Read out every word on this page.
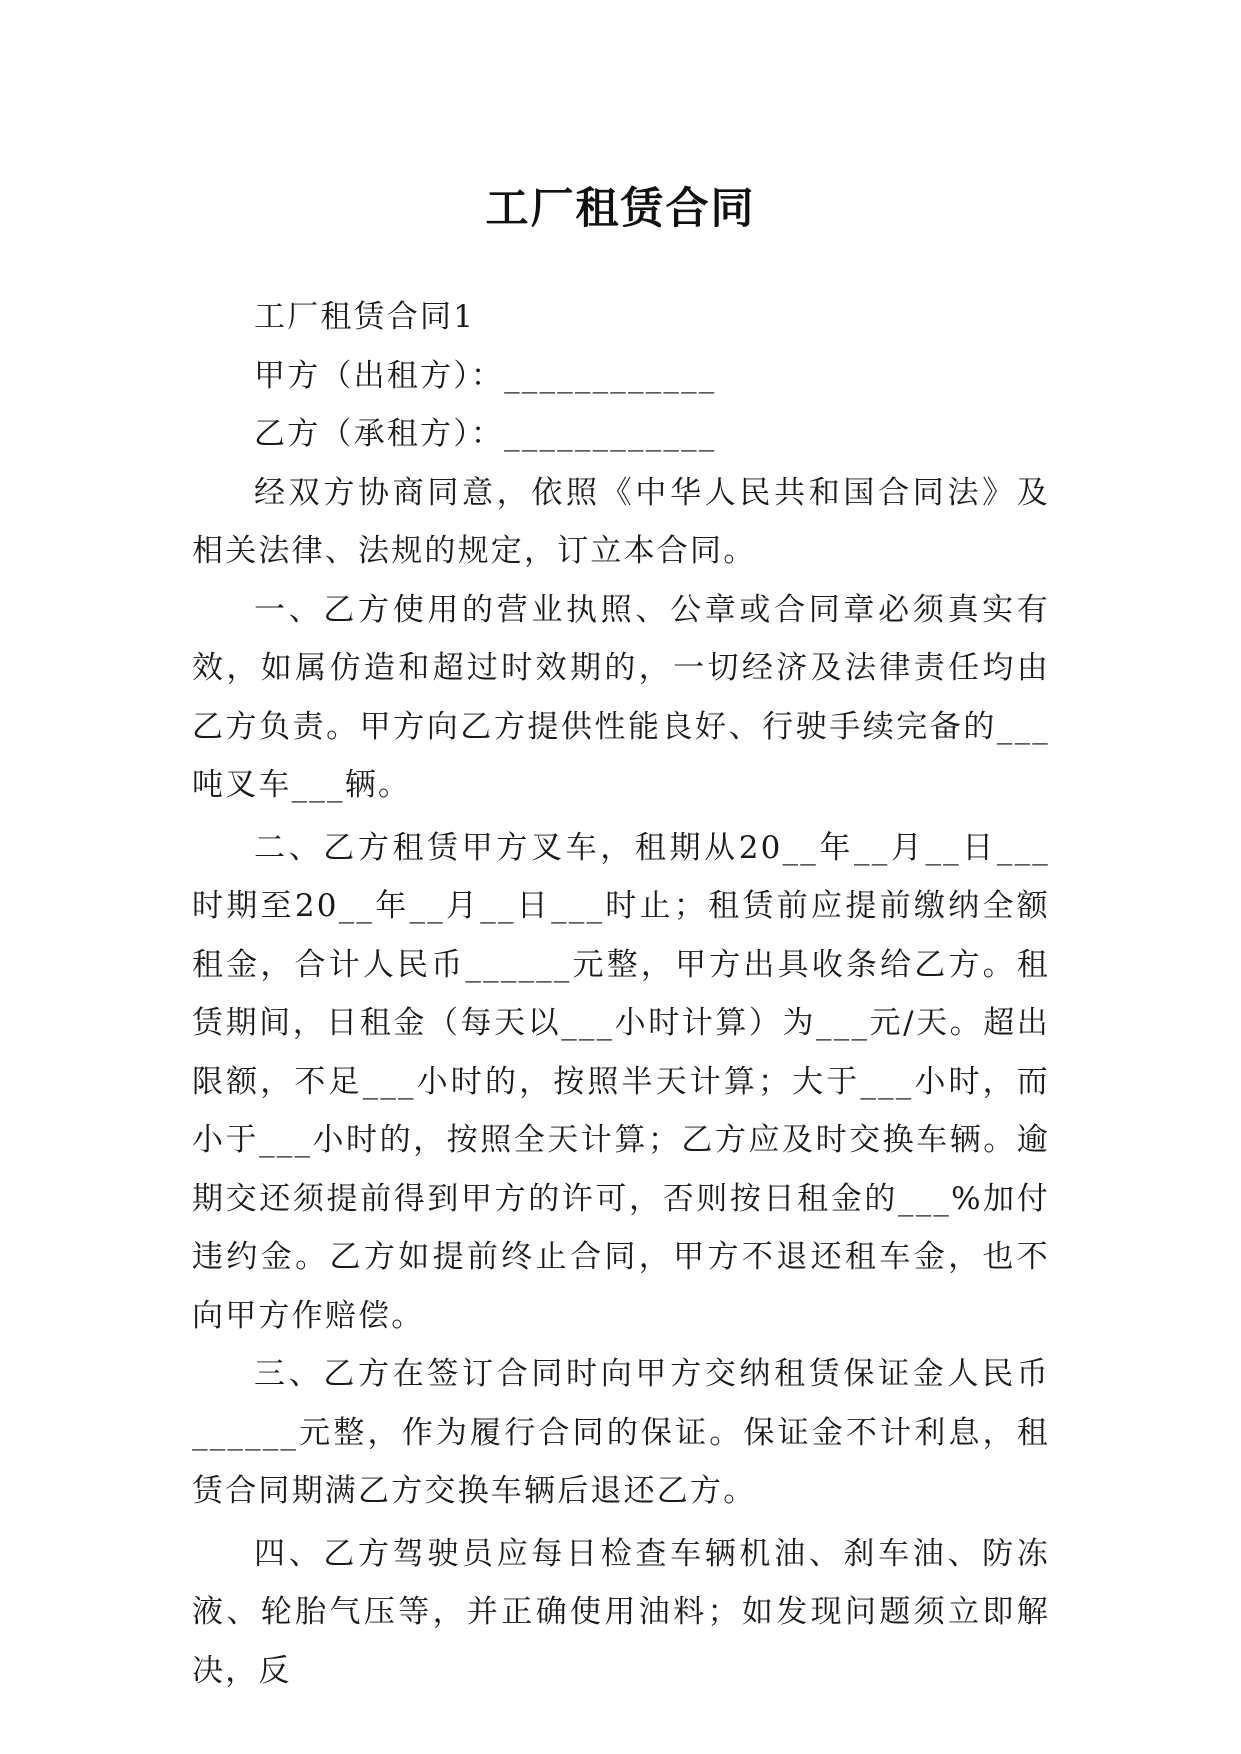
工厂租赁合同

工厂租赁合同1

甲方（出租方）：____________

乙方（承租方）：____________

经双方协商同意，依照《中华人民共和国合同法》及相关法律、法规的规定，订立本合同。

一、乙方使用的营业执照、公章或合同章必须真实有效，如属仿造和超过时效期的，一切经济及法律责任均由乙方负责。甲方向乙方提供性能良好、行驶手续完备的___吨叉车___辆。

二、乙方租赁甲方叉车，租期从20__年__月__日___时期至20__年__月__日___时止；租赁前应提前缴纳全额租金，合计人民币______元整，甲方出具收条给乙方。租赁期间，日租金（每天以___小时计算）为___元/天。超出限额，不足___小时的，按照半天计算；大于___小时，而小于___小时的，按照全天计算；乙方应及时交换车辆。逾期交还须提前得到甲方的许可，否则按日租金的___%加付违约金。乙方如提前终止合同，甲方不退还租车金，也不向甲方作赔偿。

三、乙方在签订合同时向甲方交纳租赁保证金人民币______元整，作为履行合同的保证。保证金不计利息，租赁合同期满乙方交换车辆后退还乙方。

四、乙方驾驶员应每日检查车辆机油、刹车油、防冻液、轮胎气压等，并正确使用油料；如发现问题须立即解决，反
